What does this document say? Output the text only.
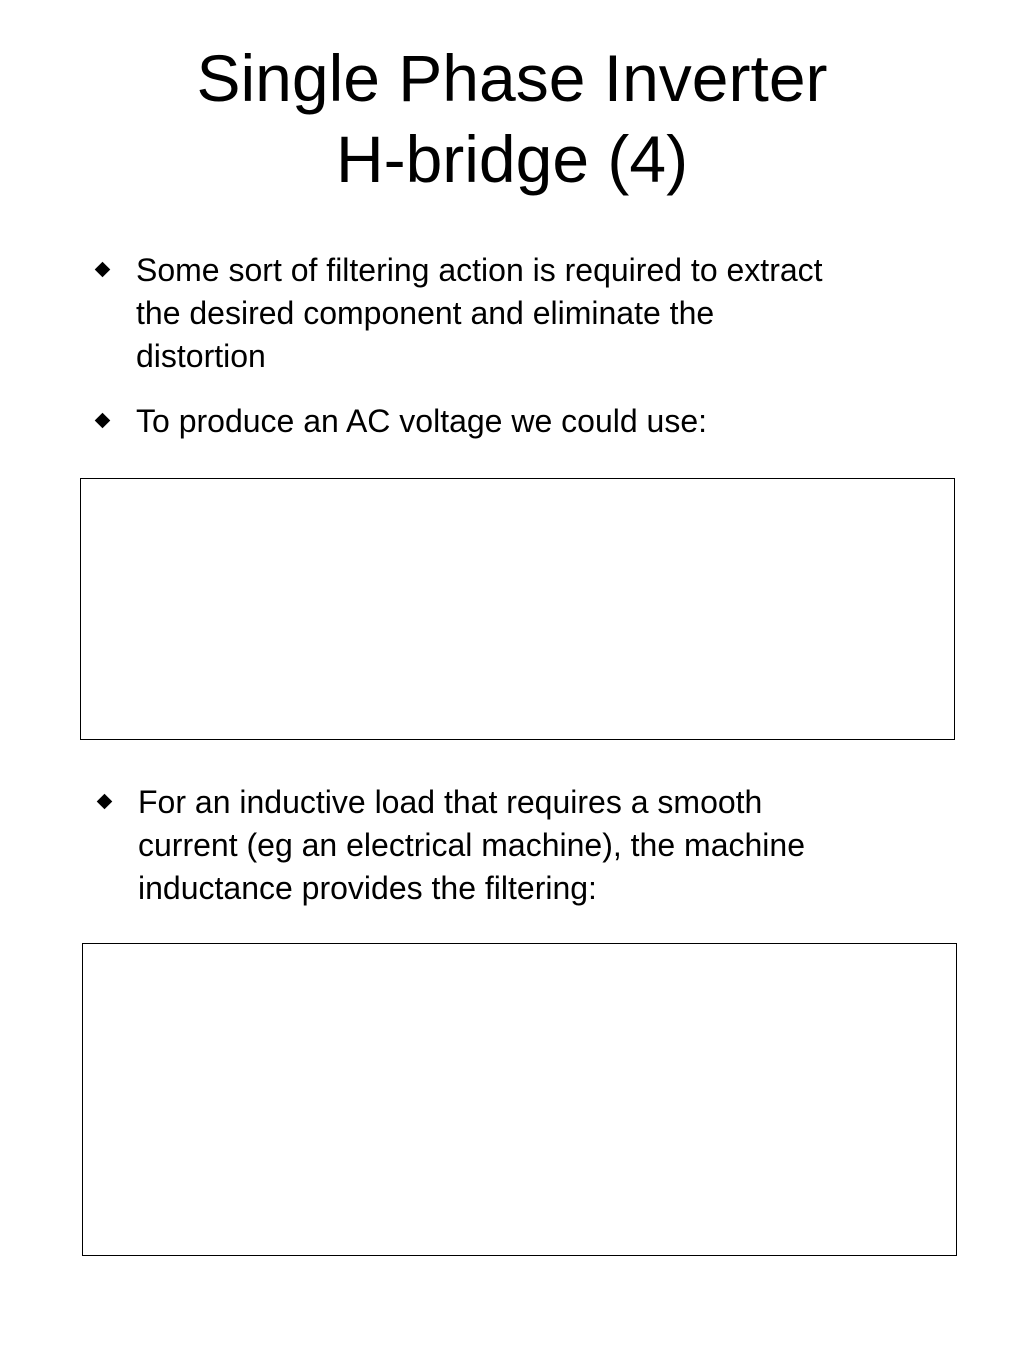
Single Phase Inverter
H-bridge (4)
Some sort of filtering action is required to extract
the desired component and eliminate the
distortion
To produce an AC voltage we could use:
For an inductive load that requires a smooth
current (eg an electrical machine), the machine
inductance provides the filtering:
